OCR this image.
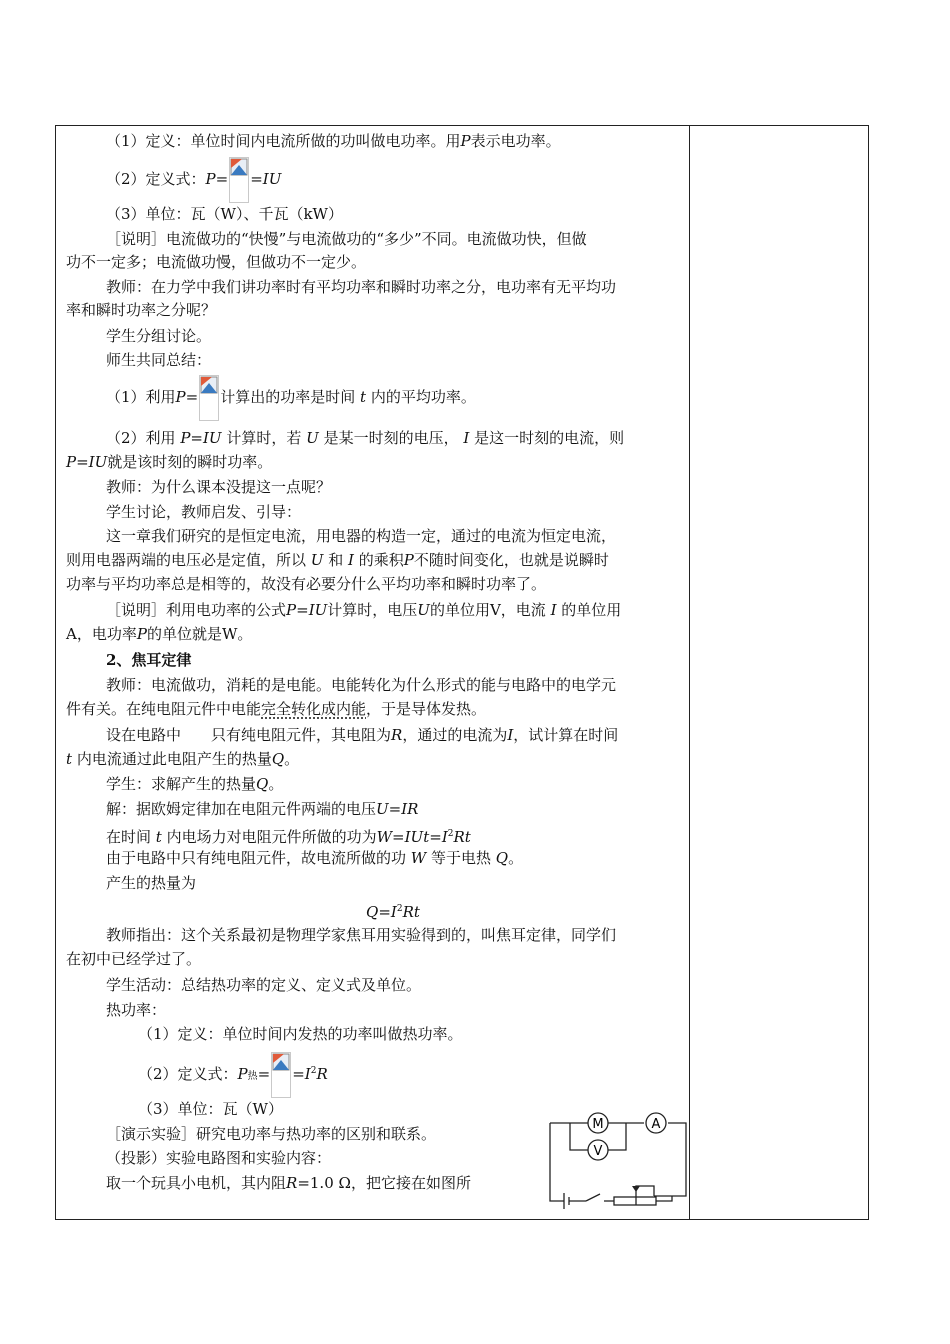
（1）定义：单位时间内电流所做的功叫做电功率。用P表示电功率。
（2）定义式：P= =IU
（3）单位：瓦（W）、千瓦（kW）
［说明］电流做功的“快慢”与电流做功的“多少”不同。电流做功快，但做
功不一定多；电流做功慢，但做功不一定少。
教师：在力学中我们讲功率时有平均功率和瞬时功率之分，电功率有无平均功
率和瞬时功率之分呢？
学生分组讨论。
师生共同总结：
（1）利用P= 计算出的功率是时间 t 内的平均功率。
（2）利用 P=IU 计算时，若 U 是某一时刻的电压， I 是这一时刻的电流，则
P=IU就是该时刻的瞬时功率。
教师：为什么课本没提这一点呢？
学生讨论，教师启发、引导：
这一章我们研究的是恒定电流，用电器的构造一定，通过的电流为恒定电流，
则用电器两端的电压必是定值，所以 U 和 I 的乘积P不随时间变化，也就是说瞬时
功率与平均功率总是相等的，故没有必要分什么平均功率和瞬时功率了。
［说明］利用电功率的公式P=IU计算时，电压U的单位用V，电流 I 的单位用
A，电功率P的单位就是W。
2、焦耳定律
教师：电流做功，消耗的是电能。电能转化为什么形式的能与电路中的电学元
件有关。在纯电阻元件中电能完全转化成内能，于是导体发热。
设在电路中　　 只有纯电阻元件，其电阻为R，通过的电流为I，试计算在时间
t 内电流通过此电阻产生的热量Q。
学生：求解产生的热量Q。
解：据欧姆定律加在电阻元件两端的电压U=IR
在时间 t 内电场力对电阻元件所做的功为$W=IUt=I^2Rt$
由于电路中只有纯电阻元件，故电流所做的功 W 等于电热 Q。
产生的热量为
$Q=I^2Rt$
教师指出：这个关系最初是物理学家焦耳用实验得到的，叫焦耳定律，同学们
在初中已经学过了。
学生活动：总结热功率的定义、定义式及单位。
热功率：
（1）定义：单位时间内发热的功率叫做热功率。
（2）定义式：P热= $=I^2R$
（3）单位：瓦（W）
［演示实验］研究电功率与热功率的区别和联系。
（投影）实验电路图和实验内容：
取一个玩具小电机，其内阻R=1.0 Ω，把它接在如图所
M	A
V
